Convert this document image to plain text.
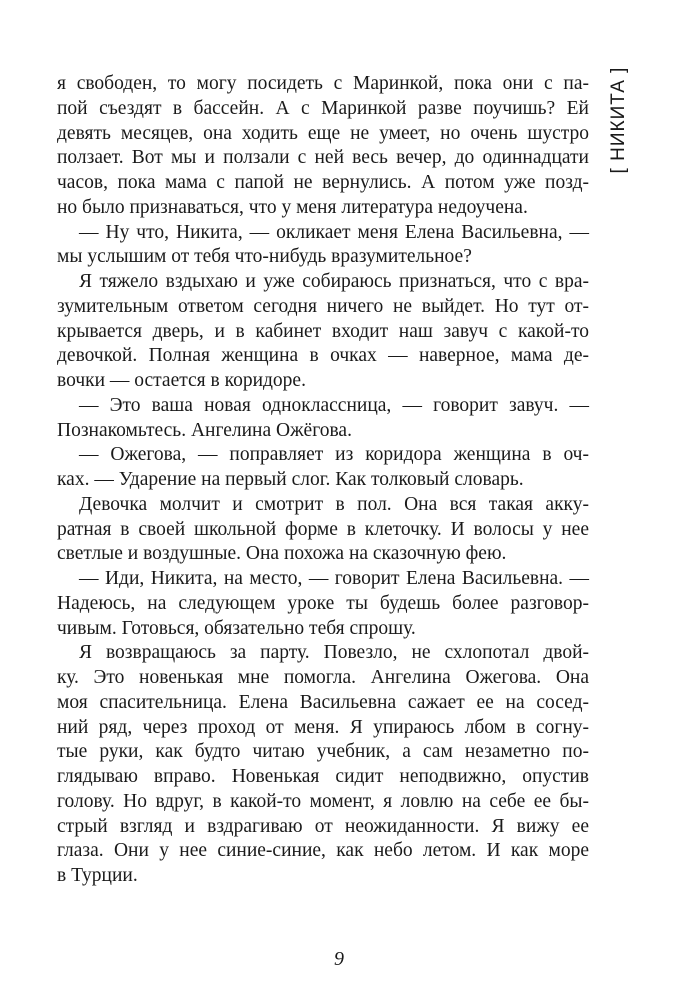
[ НИКИТА ]
я свободен, то могу посидеть с Маринкой, пока они с па-
пой съездят в бассейн. А с Маринкой разве поучишь? Ей
девять месяцев, она ходить еще не умеет, но очень шустро
ползает. Вот мы и ползали с ней весь вечер, до одиннадцати
часов, пока мама с папой не вернулись. А потом уже позд-
но было признаваться, что у меня литература недоучена.
— Ну что, Никита, — окликает меня Елена Васильевна, —
мы услышим от тебя что-нибудь вразумительное?
Я тяжело вздыхаю и уже собираюсь признаться, что с вра-
зумительным ответом сегодня ничего не выйдет. Но тут от-
крывается дверь, и в кабинет входит наш завуч с какой-то
девочкой. Полная женщина в очках — наверное, мама де-
вочки — остается в коридоре.
— Это ваша новая одноклассница, — говорит завуч. —
Познакомьтесь. Ангелина Ожёгова.
— Ожегова, — поправляет из коридора женщина в оч-
ках. — Ударение на первый слог. Как толковый словарь.
Девочка молчит и смотрит в пол. Она вся такая акку-
ратная в своей школьной форме в клеточку. И волосы у нее
светлые и воздушные. Она похожа на сказочную фею.
— Иди, Никита, на место, — говорит Елена Васильевна. —
Надеюсь, на следующем уроке ты будешь более разговор-
чивым. Готовься, обязательно тебя спрошу.
Я возвращаюсь за парту. Повезло, не схлопотал двой-
ку. Это новенькая мне помогла. Ангелина Ожегова. Она
моя спасительница. Елена Васильевна сажает ее на сосед-
ний ряд, через проход от меня. Я упираюсь лбом в согну-
тые руки, как будто читаю учебник, а сам незаметно по-
глядываю вправо. Новенькая сидит неподвижно, опустив
голову. Но вдруг, в какой-то момент, я ловлю на себе ее бы-
стрый взгляд и вздрагиваю от неожиданности. Я вижу ее
глаза. Они у нее синие-синие, как небо летом. И как море
в Турции.
9
